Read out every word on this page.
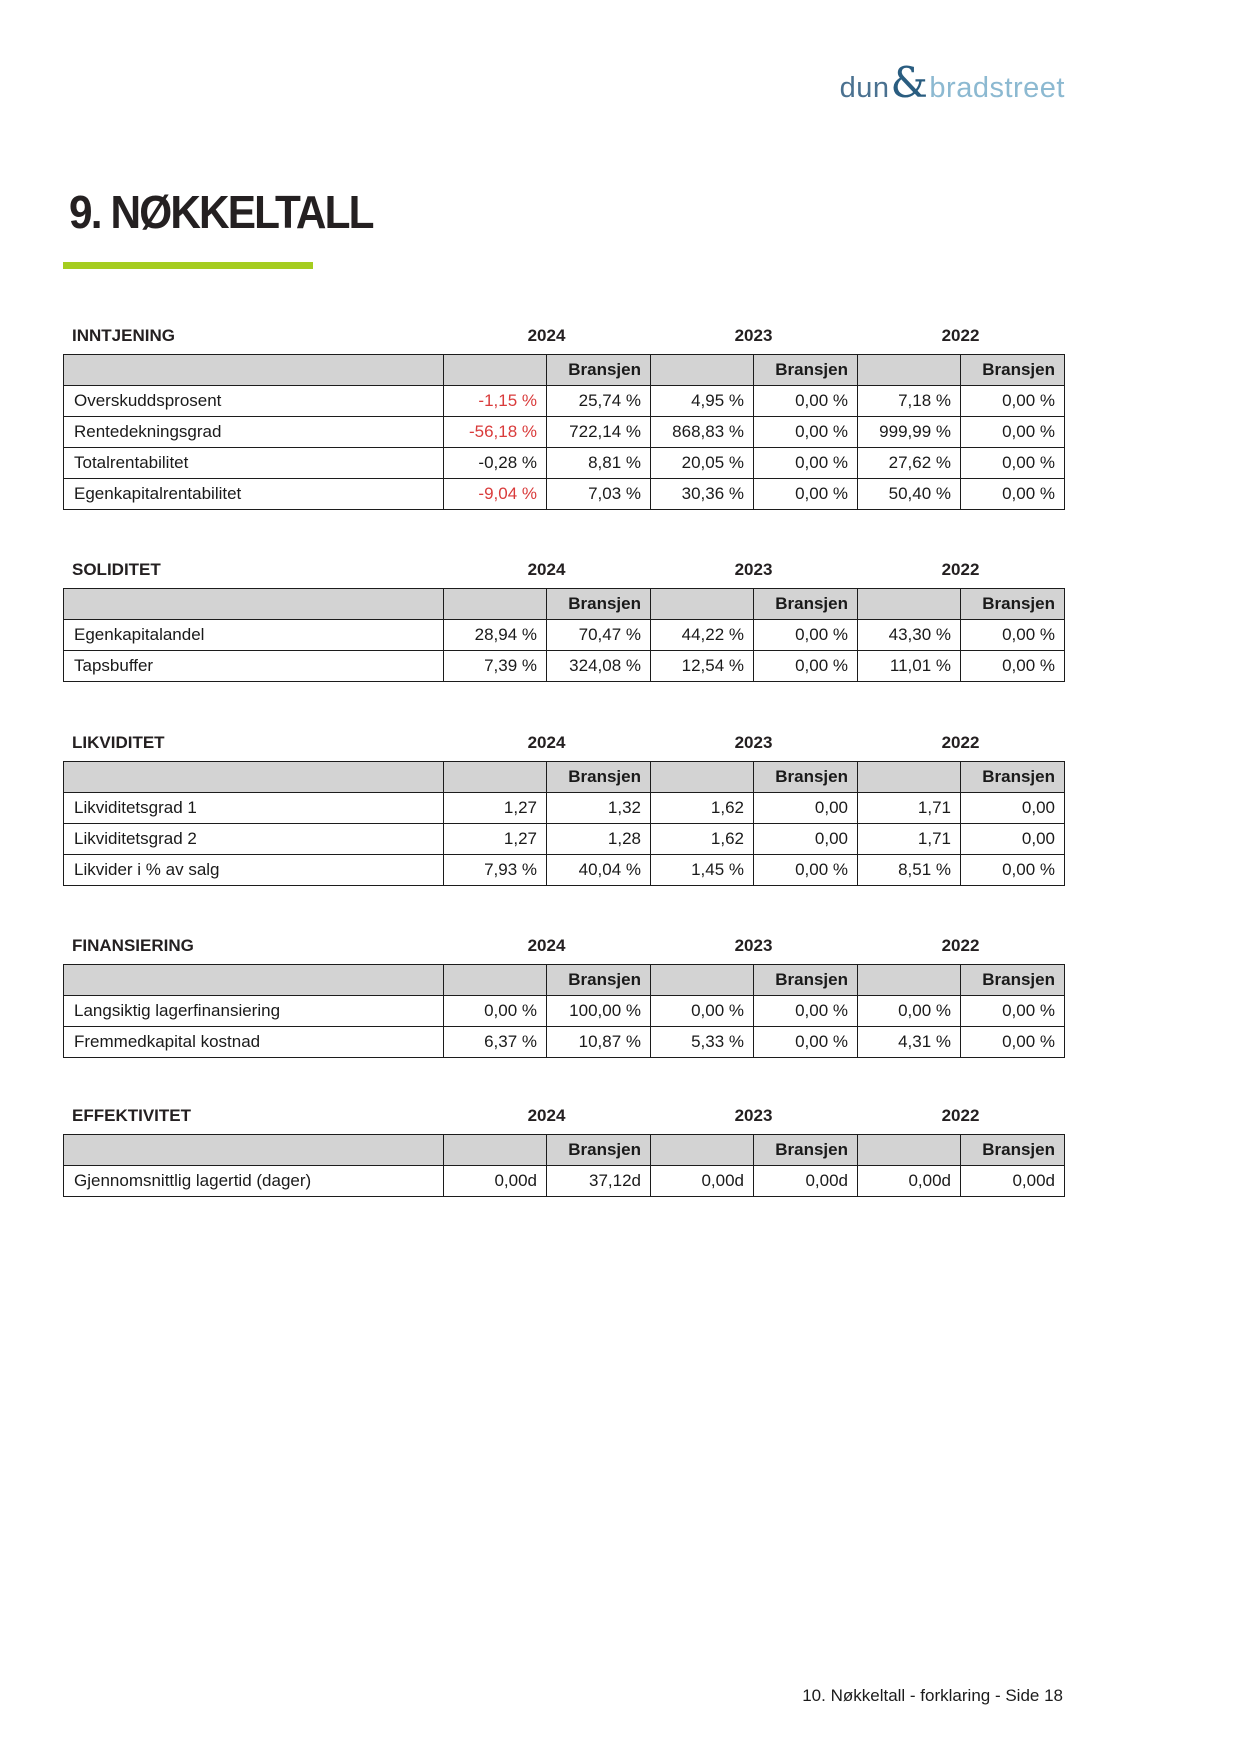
dun & bradstreet
9. NØKKELTALL
INNTJENING	2024	2023	2022
		Bransjen		Bransjen		Bransjen
Overskuddsprosent	-1,15 %	25,74 %	4,95 %	0,00 %	7,18 %	0,00 %
Rentedekningsgrad	-56,18 %	722,14 %	868,83 %	0,00 %	999,99 %	0,00 %
Totalrentabilitet	-0,28 %	8,81 %	20,05 %	0,00 %	27,62 %	0,00 %
Egenkapitalrentabilitet	-9,04 %	7,03 %	30,36 %	0,00 %	50,40 %	0,00 %
SOLIDITET	2024	2023	2022
		Bransjen		Bransjen		Bransjen
Egenkapitalandel	28,94 %	70,47 %	44,22 %	0,00 %	43,30 %	0,00 %
Tapsbuffer	7,39 %	324,08 %	12,54 %	0,00 %	11,01 %	0,00 %
LIKVIDITET	2024	2023	2022
		Bransjen		Bransjen		Bransjen
Likviditetsgrad 1	1,27	1,32	1,62	0,00	1,71	0,00
Likviditetsgrad 2	1,27	1,28	1,62	0,00	1,71	0,00
Likvider i % av salg	7,93 %	40,04 %	1,45 %	0,00 %	8,51 %	0,00 %
FINANSIERING	2024	2023	2022
		Bransjen		Bransjen		Bransjen
Langsiktig lagerfinansiering	0,00 %	100,00 %	0,00 %	0,00 %	0,00 %	0,00 %
Fremmedkapital kostnad	6,37 %	10,87 %	5,33 %	0,00 %	4,31 %	0,00 %
EFFEKTIVITET	2024	2023	2022
		Bransjen		Bransjen		Bransjen
Gjennomsnittlig lagertid (dager)	0,00d	37,12d	0,00d	0,00d	0,00d	0,00d
10. Nøkkeltall - forklaring - Side 18
